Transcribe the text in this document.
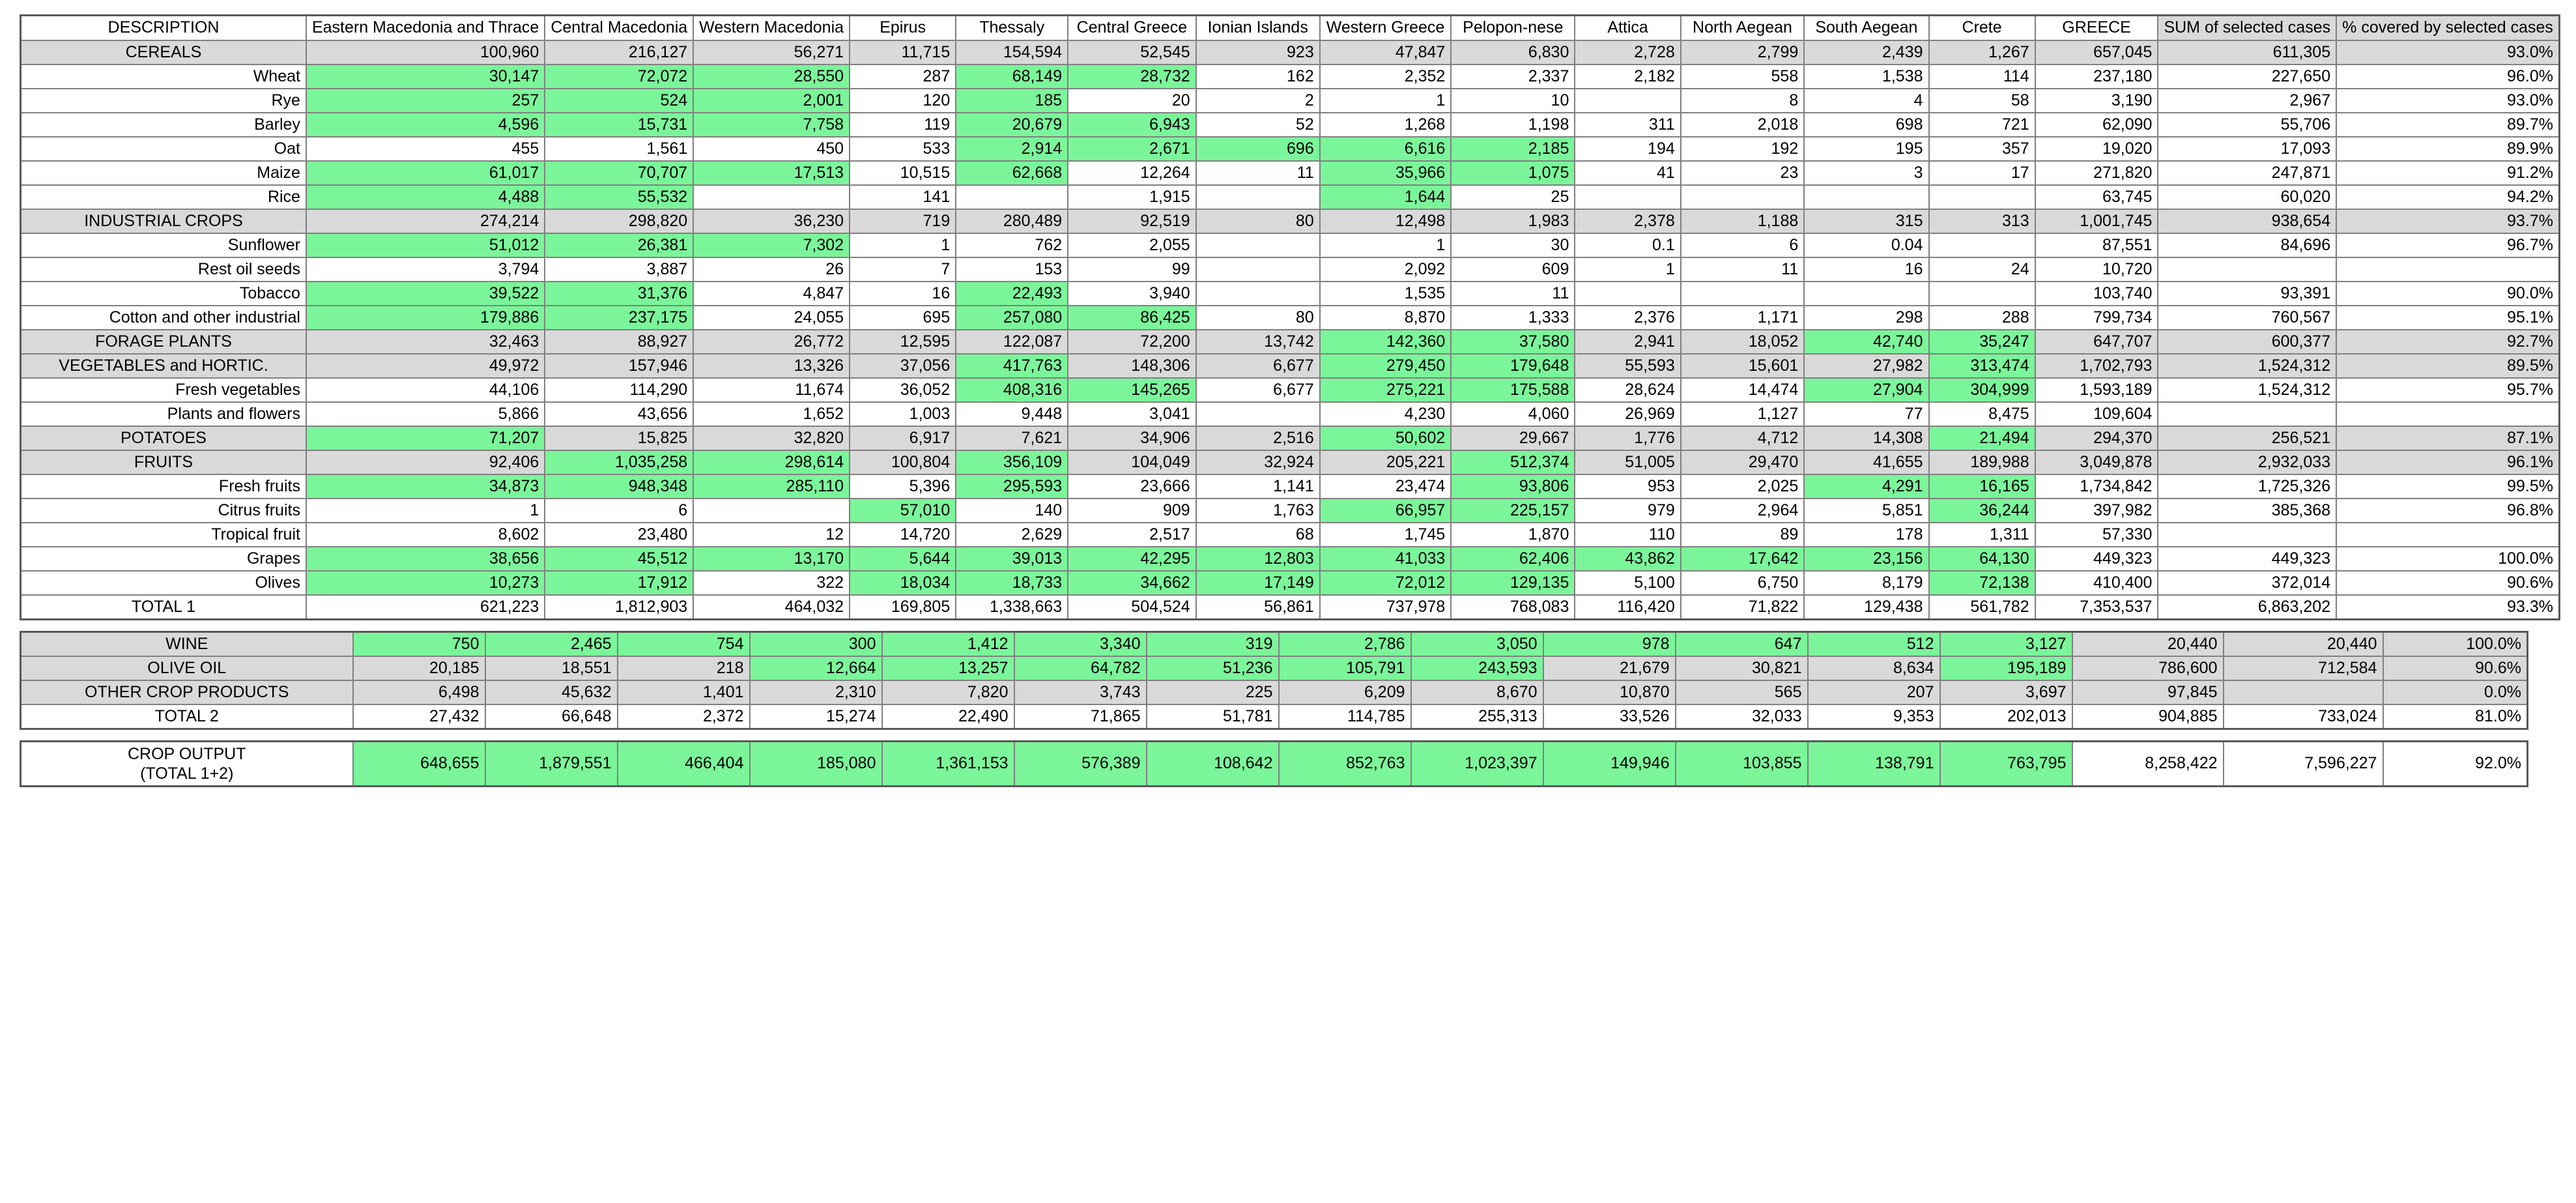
DESCRIPTION	Eastern Macedonia and Thrace	Central Macedonia	Western Macedonia	Epirus	Thessaly	Central Greece	Ionian Islands	Western Greece	Pelopon-nese	Attica	North Aegean	South Aegean	Crete	GREECE	SUM of selected cases	% covered by selected cases
CEREALS	100,960	216,127	56,271	11,715	154,594	52,545	923	47,847	6,830	2,728	2,799	2,439	1,267	657,045	611,305	93.0%
Wheat	30,147	72,072	28,550	287	68,149	28,732	162	2,352	2,337	2,182	558	1,538	114	237,180	227,650	96.0%
Rye	257	524	2,001	120	185	20	2	1	10		8	4	58	3,190	2,967	93.0%
Barley	4,596	15,731	7,758	119	20,679	6,943	52	1,268	1,198	311	2,018	698	721	62,090	55,706	89.7%
Oat	455	1,561	450	533	2,914	2,671	696	6,616	2,185	194	192	195	357	19,020	17,093	89.9%
Maize	61,017	70,707	17,513	10,515	62,668	12,264	11	35,966	1,075	41	23	3	17	271,820	247,871	91.2%
Rice	4,488	55,532		141		1,915		1,644	25					63,745	60,020	94.2%
INDUSTRIAL CROPS	274,214	298,820	36,230	719	280,489	92,519	80	12,498	1,983	2,378	1,188	315	313	1,001,745	938,654	93.7%
Sunflower	51,012	26,381	7,302	1	762	2,055		1	30	0.1	6	0.04		87,551	84,696	96.7%
Rest oil seeds	3,794	3,887	26	7	153	99		2,092	609	1	11	16	24	10,720		
Tobacco	39,522	31,376	4,847	16	22,493	3,940		1,535	11					103,740	93,391	90.0%
Cotton and other industrial	179,886	237,175	24,055	695	257,080	86,425	80	8,870	1,333	2,376	1,171	298	288	799,734	760,567	95.1%
FORAGE PLANTS	32,463	88,927	26,772	12,595	122,087	72,200	13,742	142,360	37,580	2,941	18,052	42,740	35,247	647,707	600,377	92.7%
VEGETABLES and HORTIC.	49,972	157,946	13,326	37,056	417,763	148,306	6,677	279,450	179,648	55,593	15,601	27,982	313,474	1,702,793	1,524,312	89.5%
Fresh vegetables	44,106	114,290	11,674	36,052	408,316	145,265	6,677	275,221	175,588	28,624	14,474	27,904	304,999	1,593,189	1,524,312	95.7%
Plants and flowers	5,866	43,656	1,652	1,003	9,448	3,041		4,230	4,060	26,969	1,127	77	8,475	109,604		
POTATOES	71,207	15,825	32,820	6,917	7,621	34,906	2,516	50,602	29,667	1,776	4,712	14,308	21,494	294,370	256,521	87.1%
FRUITS	92,406	1,035,258	298,614	100,804	356,109	104,049	32,924	205,221	512,374	51,005	29,470	41,655	189,988	3,049,878	2,932,033	96.1%
Fresh fruits	34,873	948,348	285,110	5,396	295,593	23,666	1,141	23,474	93,806	953	2,025	4,291	16,165	1,734,842	1,725,326	99.5%
Citrus fruits	1	6		57,010	140	909	1,763	66,957	225,157	979	2,964	5,851	36,244	397,982	385,368	96.8%
Tropical fruit	8,602	23,480	12	14,720	2,629	2,517	68	1,745	1,870	110	89	178	1,311	57,330		
Grapes	38,656	45,512	13,170	5,644	39,013	42,295	12,803	41,033	62,406	43,862	17,642	23,156	64,130	449,323	449,323	100.0%
Olives	10,273	17,912	322	18,034	18,733	34,662	17,149	72,012	129,135	5,100	6,750	8,179	72,138	410,400	372,014	90.6%
TOTAL 1	621,223	1,812,903	464,032	169,805	1,338,663	504,524	56,861	737,978	768,083	116,420	71,822	129,438	561,782	7,353,537	6,863,202	93.3%
WINE	750	2,465	754	300	1,412	3,340	319	2,786	3,050	978	647	512	3,127	20,440	20,440	100.0%
OLIVE OIL	20,185	18,551	218	12,664	13,257	64,782	51,236	105,791	243,593	21,679	30,821	8,634	195,189	786,600	712,584	90.6%
OTHER CROP PRODUCTS	6,498	45,632	1,401	2,310	7,820	3,743	225	6,209	8,670	10,870	565	207	3,697	97,845		0.0%
TOTAL 2	27,432	66,648	2,372	15,274	22,490	71,865	51,781	114,785	255,313	33,526	32,033	9,353	202,013	904,885	733,024	81.0%
CROP OUTPUT
(TOTAL 1+2)	648,655	1,879,551	466,404	185,080	1,361,153	576,389	108,642	852,763	1,023,397	149,946	103,855	138,791	763,795	8,258,422	7,596,227	92.0%
